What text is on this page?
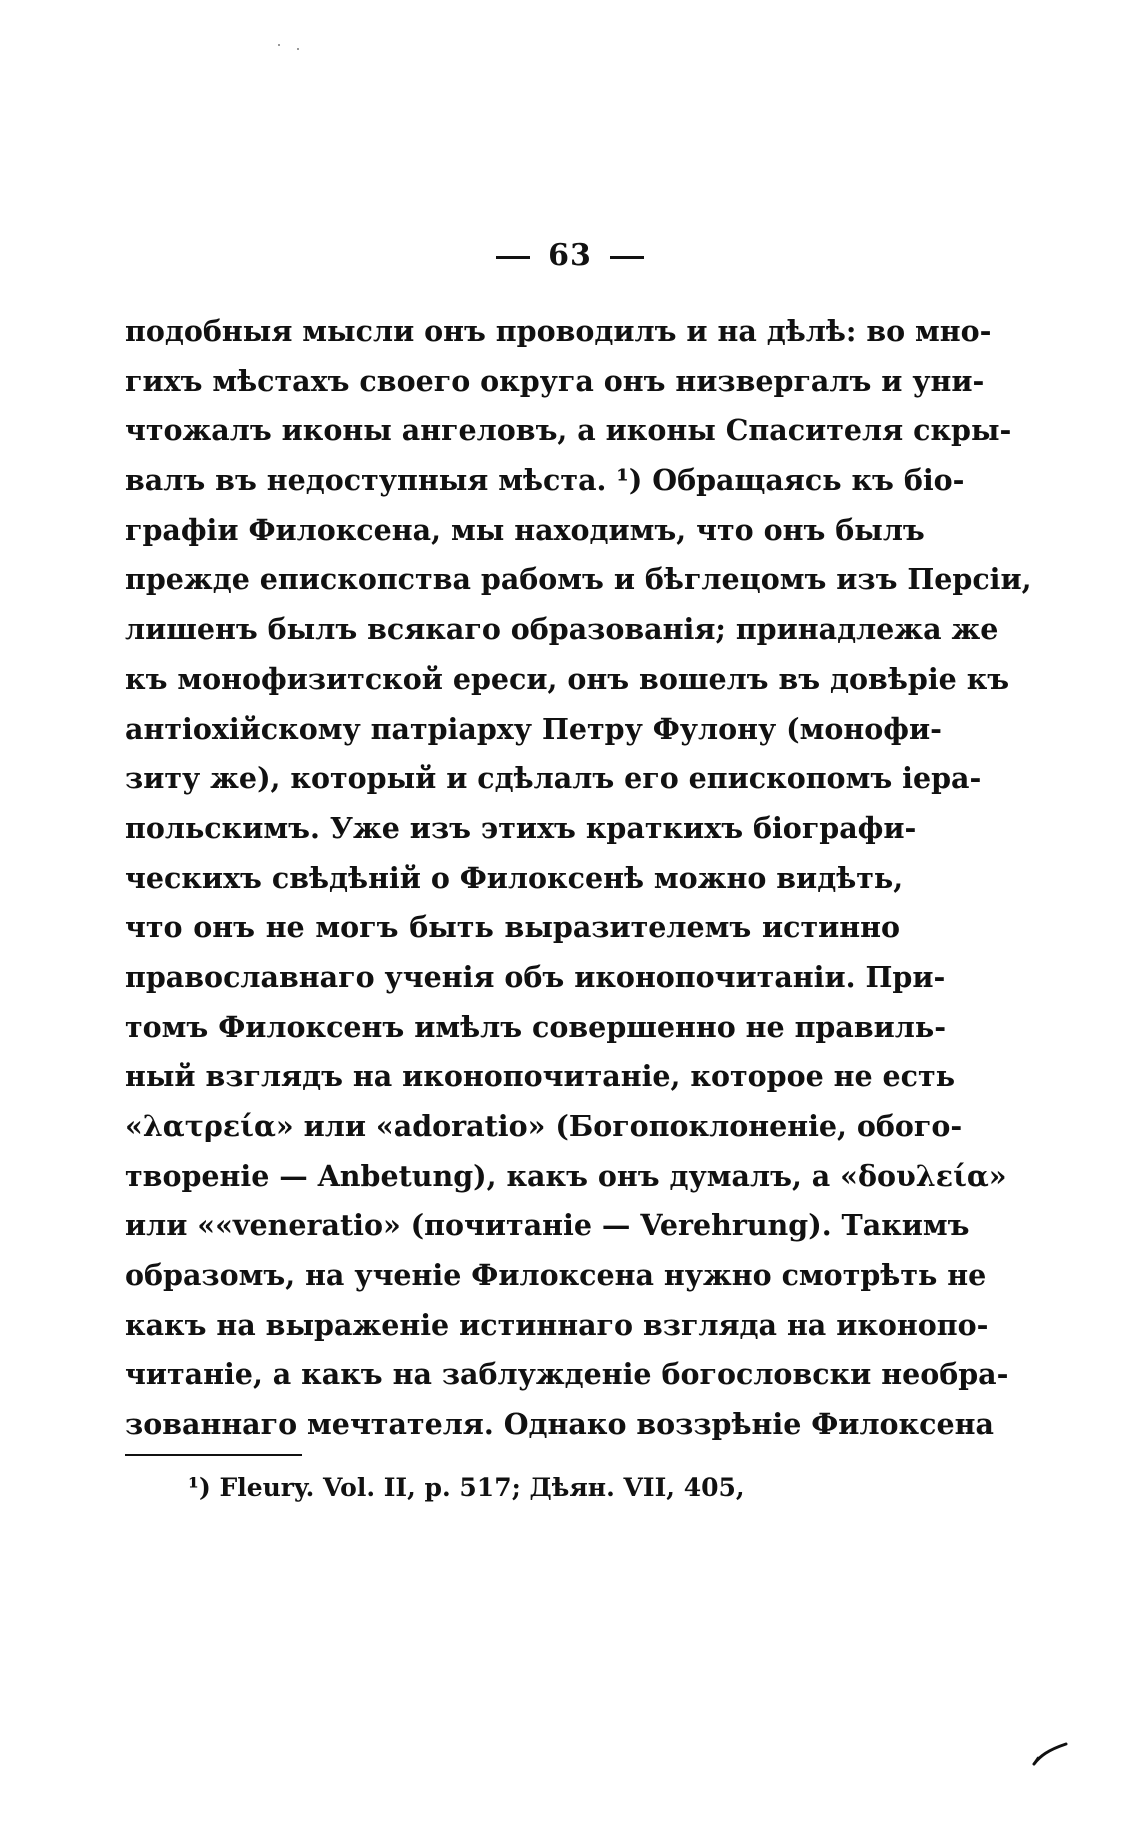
63
подобныя мысли онъ проводилъ и на дѣлѣ: во мно-
гихъ мѣстахъ своего округа онъ низвергалъ и уни-
чтожалъ иконы ангеловъ, а иконы Спасителя скры-
валъ въ недоступныя мѣста. ¹) Обращаясь къ біо-
графіи Филоксена, мы находимъ, что онъ былъ
прежде епископства рабомъ и бѣглецомъ изъ Персіи,
лишенъ былъ всякаго образованія; принадлежа же
къ монофизитской ереси, онъ вошелъ въ довѣріе къ
антіохійскому патріарху Петру Фулону (монофи-
зиту же), который и сдѣлалъ его епископомъ іера-
польскимъ. Уже изъ этихъ краткихъ біографи-
ческихъ свѣдѣній о Филоксенѣ можно видѣть,
что онъ не могъ быть выразителемъ истинно
православнаго ученія объ иконопочитаніи. При-
томъ Филоксенъ имѣлъ совершенно не правиль-
ный взглядъ на иконопочитаніе, которое не есть
«λατρεία» или «adoratio» (Богопоклоненіе, обого-
твореніе — Anbetung), какъ онъ думалъ, а «δουλεία»
или ««veneratio» (почитаніе — Verehrung). Такимъ
образомъ, на ученіе Филоксена нужно смотрѣть не
какъ на выраженіе истиннаго взгляда на иконопо-
читаніе, а какъ на заблужденіе богословски необра-
зованнаго мечтателя. Однако воззрѣніе Филоксена
¹) Fleury. Vol. II, p. 517; Дѣян. VII, 405,
